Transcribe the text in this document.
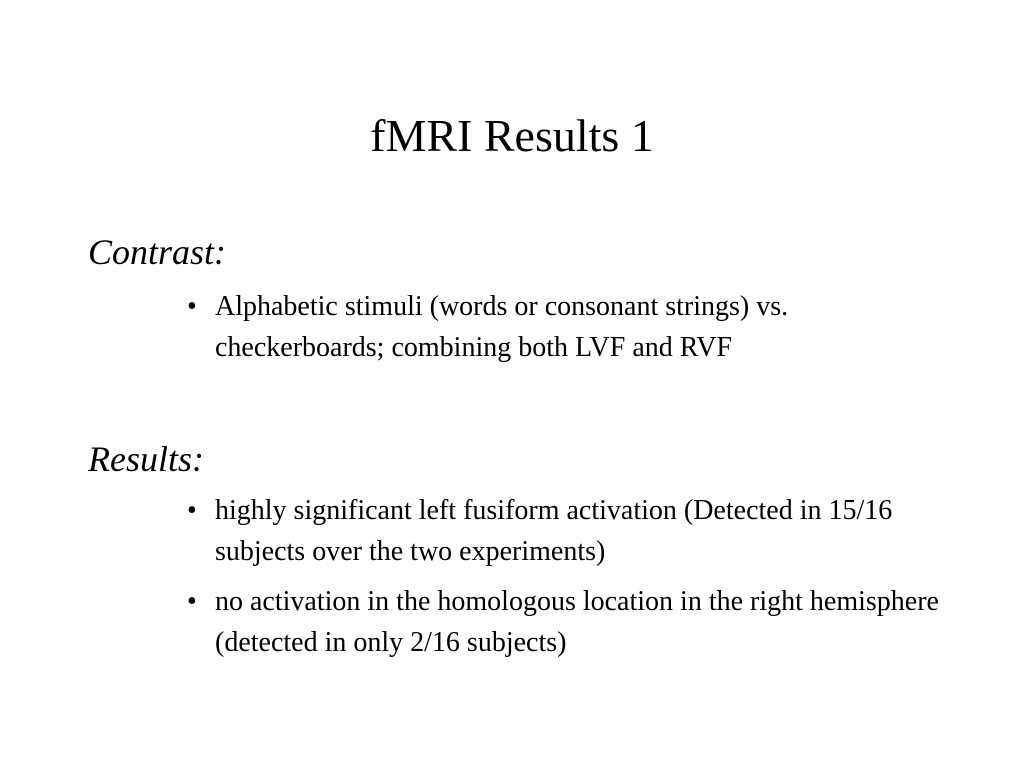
fMRI Results 1
Contrast:
• Alphabetic stimuli (words or consonant strings) vs. checkerboards; combining both LVF and RVF
Results:
• highly significant left fusiform activation (Detected in 15/16 subjects over the two experiments)
• no activation in the homologous location in the right hemisphere (detected in only 2/16 subjects)
